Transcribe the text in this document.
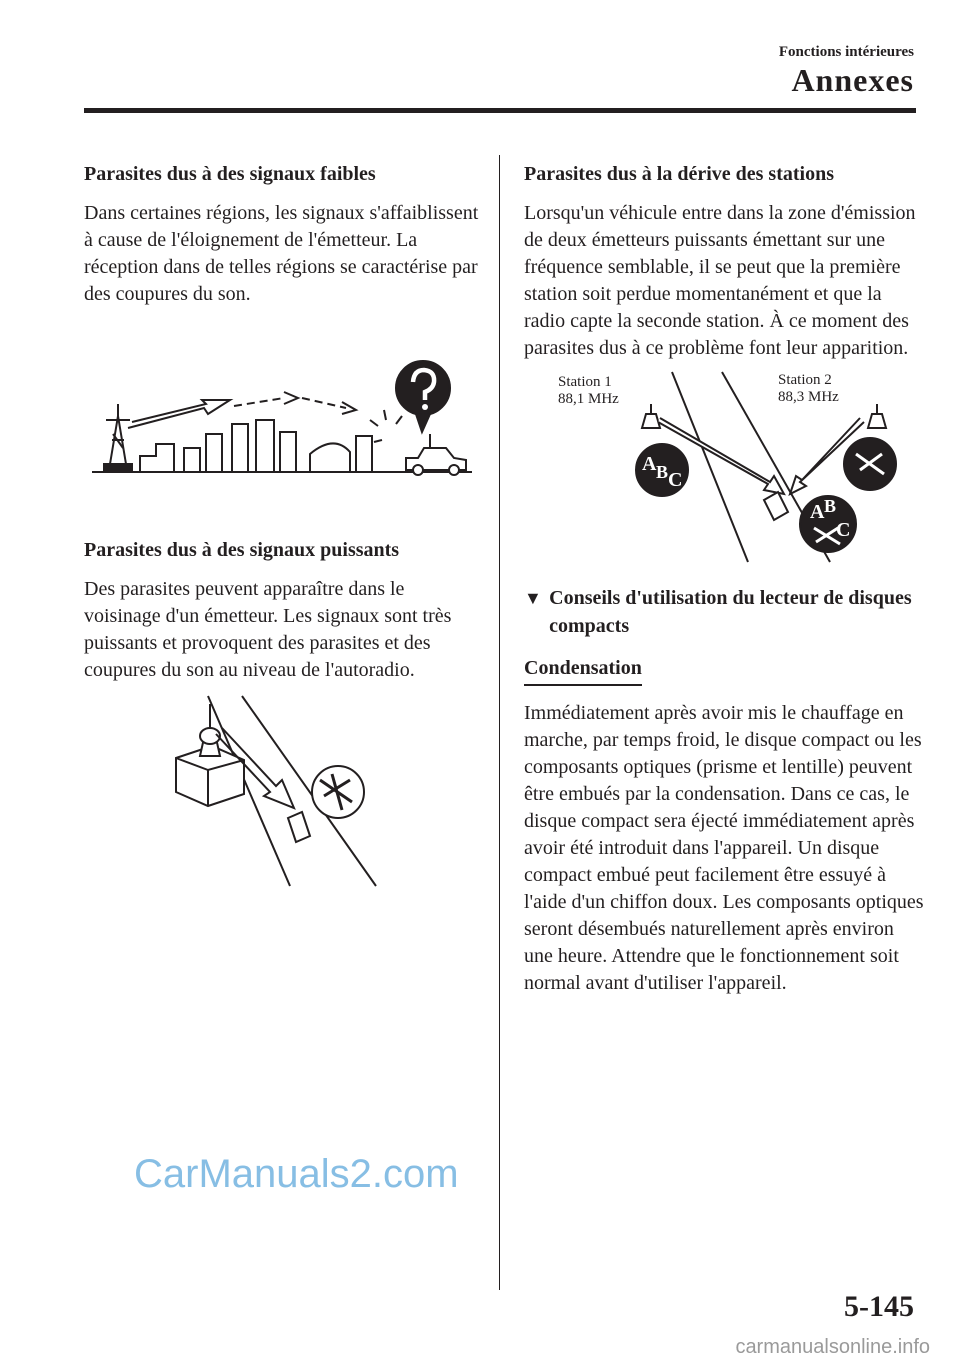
Fonctions intérieures
Annexes
Parasites dus à des signaux faibles

Dans certaines régions, les signaux s'affaiblissent à cause de l'éloignement de l'émetteur. La réception dans de telles régions se caractérise par des coupures du son.

Parasites dus à des signaux puissants

Des parasites peuvent apparaître dans le voisinage d'un émetteur. Les signaux sont très puissants et provoquent des parasites et des coupures du son au niveau de l'autoradio.

Parasites dus à la dérive des stations

Lorsqu'un véhicule entre dans la zone d'émission de deux émetteurs puissants émettant sur une fréquence semblable, il se peut que la première station soit perdue momentanément et que la radio capte la seconde station. À ce moment des parasites dus à ce problème font leur apparition.

Station 1
88,1 MHz
Station 2
88,3 MHz
A B C
A B
C
▼ Conseils d'utilisation du lecteur de disques compacts
Condensation

Immédiatement après avoir mis le chauffage en marche, par temps froid, le disque compact ou les composants optiques (prisme et lentille) peuvent être embués par la condensation. Dans ce cas, le disque compact sera éjecté immédiatement après avoir été introduit dans l'appareil. Un disque compact embué peut facilement être essuyé à l'aide d'un chiffon doux. Les composants optiques seront désembués naturellement après environ une heure. Attendre que le fonctionnement soit normal avant d'utiliser l'appareil.

CarManuals2.com
5-145
carmanualsonline.info
